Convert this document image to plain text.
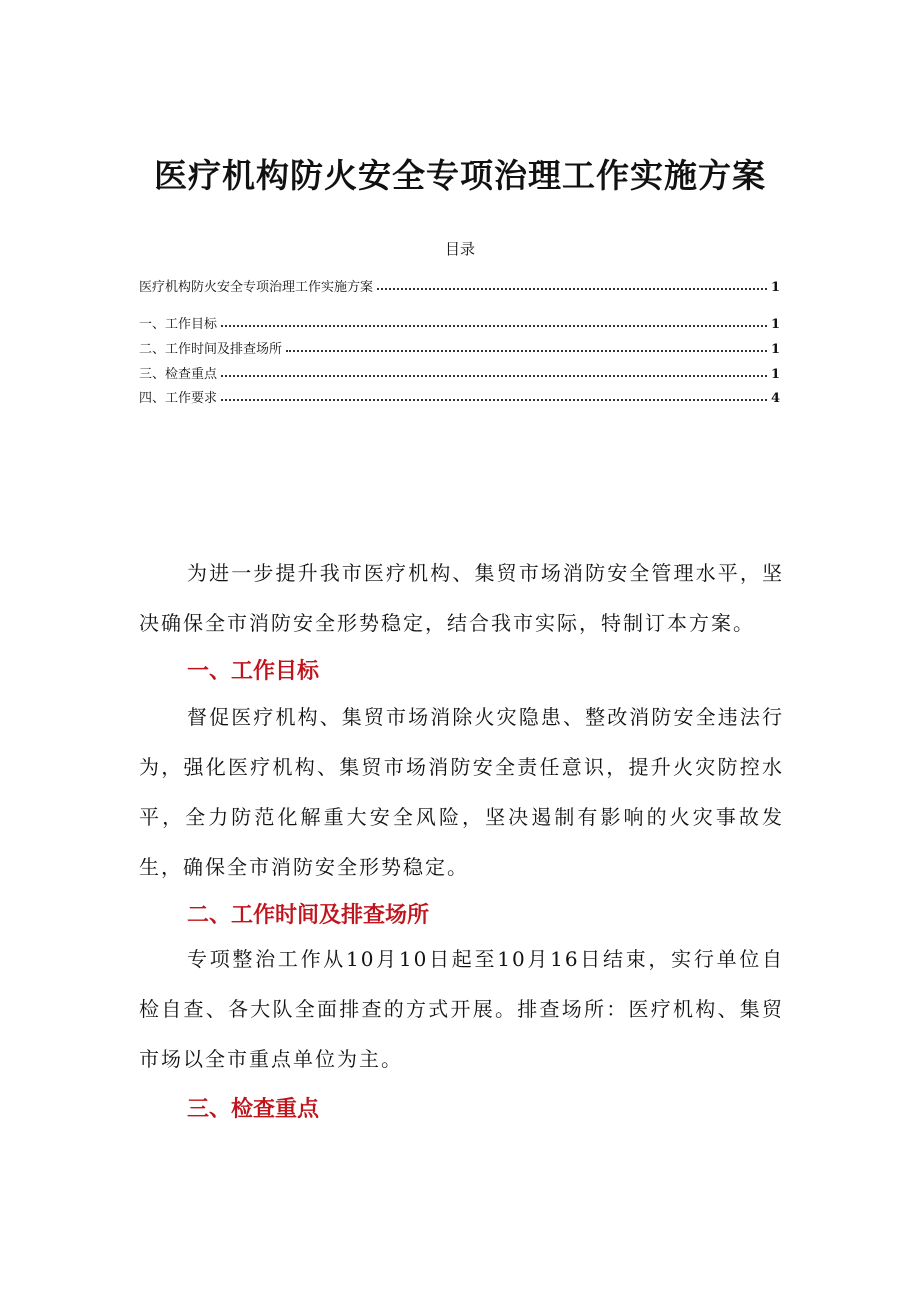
医疗机构防火安全专项治理工作实施方案
目录
医疗机构防火安全专项治理工作实施方案	1
一、工作目标	1
二、工作时间及排查场所	1
三、检查重点	1
四、工作要求	4

为进一步提升我市医疗机构、集贸市场消防安全管理水平，坚决确保全市消防安全形势稳定，结合我市实际，特制订本方案。

一、工作目标

督促医疗机构、集贸市场消除火灾隐患、整改消防安全违法行为，强化医疗机构、集贸市场消防安全责任意识，提升火灾防控水平，全力防范化解重大安全风险，坚决遏制有影响的火灾事故发生，确保全市消防安全形势稳定。

二、工作时间及排查场所

专项整治工作从10月10日起至10月16日结束，实行单位自检自查、各大队全面排查的方式开展。排查场所：医疗机构、集贸市场以全市重点单位为主。

三、检查重点
